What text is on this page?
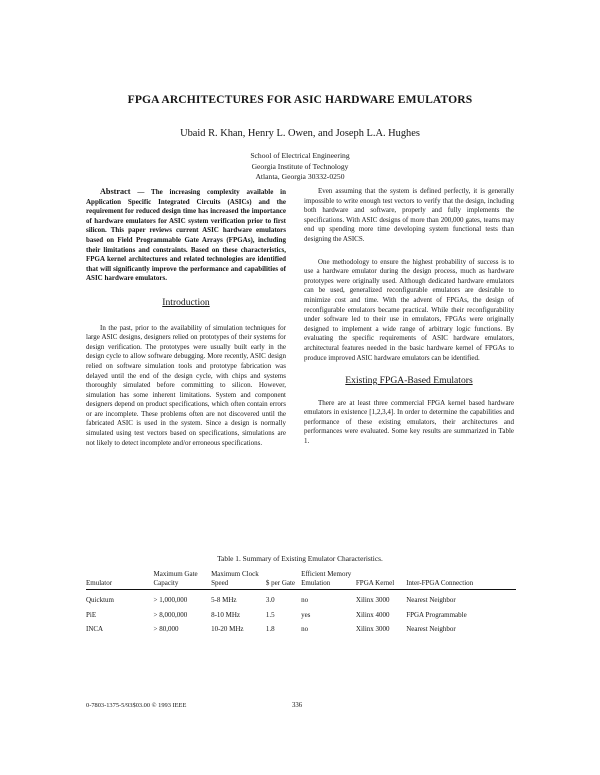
FPGA ARCHITECTURES FOR ASIC HARDWARE EMULATORS
Ubaid R. Khan, Henry L. Owen, and Joseph L.A. Hughes
School of Electrical Engineering
Georgia Institute of Technology
Atlanta, Georgia 30332-0250

Abstract — The increasing complexity available in Application Specific Integrated Circuits (ASICs) and the requirement for reduced design time has increased the importance of hardware emulators for ASIC system verification prior to first silicon. This paper reviews current ASIC hardware emulators based on Field Programmable Gate Arrays (FPGAs), including their limitations and constraints. Based on these characteristics, FPGA kernel architectures and related technologies are identified that will significantly improve the performance and capabilities of ASIC hardware emulators.

Introduction

In the past, prior to the availability of simulation techniques for large ASIC designs, designers relied on prototypes of their systems for design verification. The prototypes were usually built early in the design cycle to allow software debugging. More recently, ASIC design relied on software simulation tools and prototype fabrication was delayed until the end of the design cycle, with chips and systems thoroughly simulated before committing to silicon. However, simulation has some inherent limitations. System and component designers depend on product specifications, which often contain errors or are incomplete. These problems often are not discovered until the fabricated ASIC is used in the system. Since a design is normally simulated using test vectors based on specifications, simulations are not likely to detect incomplete and/or erroneous specifications.

Even assuming that the system is defined perfectly, it is generally impossible to write enough test vectors to verify that the design, including both hardware and software, properly and fully implements the specifications. With ASIC designs of more than 200,000 gates, teams may end up spending more time developing system functional tests than designing the ASICS.

One methodology to ensure the highest probability of success is to use a hardware emulator during the design process, much as hardware prototypes were originally used. Although dedicated hardware emulators can be used, generalized reconfigurable emulators are desirable to minimize cost and time. With the advent of FPGAs, the design of reconfigurable emulators became practical. While their reconfigurability under software led to their use in emulators, FPGAs were originally designed to implement a wide range of arbitrary logic functions. By evaluating the specific requirements of ASIC hardware emulators, architectural features needed in the basic hardware kernel of FPGAs to produce improved ASIC hardware emulators can be identified.

Existing FPGA-Based Emulators

There are at least three commercial FPGA kernel based hardware emulators in existence [1,2,3,4]. In order to determine the capabilities and performance of these existing emulators, their architectures and performances were evaluated. Some key results are summarized in Table 1.

Table 1. Summary of Existing Emulator Characteristics.
Emulator	Maximum Gate Capacity	Maximum Clock Speed	$ per Gate	Efficient Memory Emulation	FPGA Kernel	Inter-FPGA Connection
Quicktum	> 1,000,000	5-8 MHz	3.0	no	Xilinx 3000	Nearest Neighbor
PiE	> 8,000,000	8-10 MHz	1.5	yes	Xilinx 4000	FPGA Programmable
INCA	> 80,000	10-20 MHz	1.8	no	Xilinx 3000	Nearest Neighbor
0-7803-1375-5/93$03.00 © 1993 IEEE	336
